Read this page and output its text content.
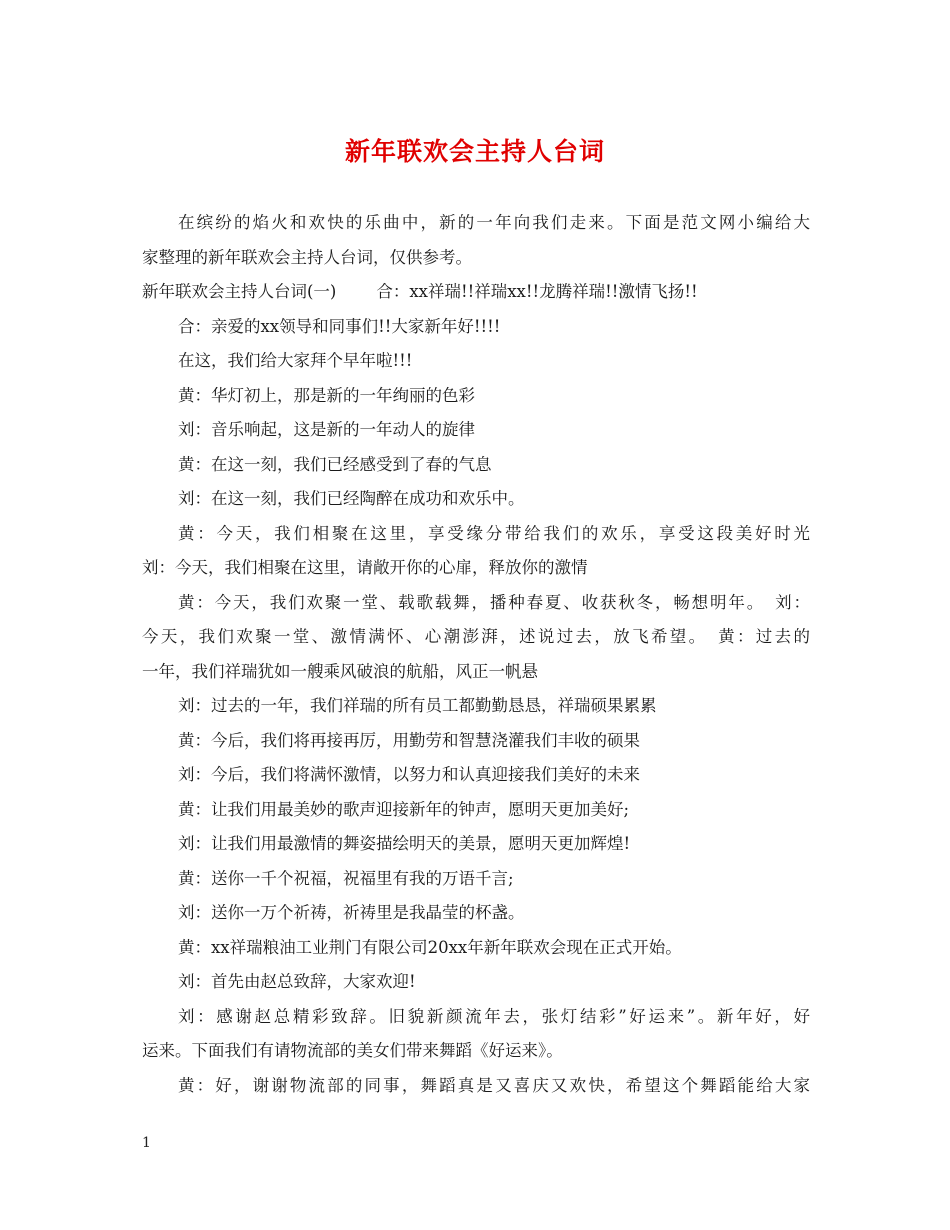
新年联欢会主持人台词
在缤纷的焰火和欢快的乐曲中，新的一年向我们走来。下面是范文网小编给大
家整理的新年联欢会主持人台词，仅供参考。
新年联欢会主持人台词(一) 合：xx祥瑞!!祥瑞xx!!龙腾祥瑞!!激情飞扬!!
合：亲爱的xx领导和同事们!!大家新年好!!!!
在这，我们给大家拜个早年啦!!!
黄：华灯初上，那是新的一年绚丽的色彩
刘：音乐响起，这是新的一年动人的旋律
黄：在这一刻，我们已经感受到了春的气息
刘：在这一刻，我们已经陶醉在成功和欢乐中。
黄：今天，我们相聚在这里，享受缘分带给我们的欢乐，享受这段美好时光
刘：今天，我们相聚在这里，请敞开你的心扉，释放你的激情
黄：今天，我们欢聚一堂、载歌载舞，播种春夏、收获秋冬，畅想明年。　刘：
今天，我们欢聚一堂、激情满怀、心潮澎湃，述说过去，放飞希望。　黄：过去的
一年，我们祥瑞犹如一艘乘风破浪的航船，风正一帆悬
刘：过去的一年，我们祥瑞的所有员工都勤勤恳恳，祥瑞硕果累累
黄：今后，我们将再接再厉，用勤劳和智慧浇灌我们丰收的硕果
刘：今后，我们将满怀激情，以努力和认真迎接我们美好的未来
黄：让我们用最美妙的歌声迎接新年的钟声，愿明天更加美好;
刘：让我们用最激情的舞姿描绘明天的美景，愿明天更加辉煌!
黄：送你一千个祝福，祝福里有我的万语千言;
刘：送你一万个祈祷，祈祷里是我晶莹的杯盏。
黄：xx祥瑞粮油工业荆门有限公司20xx年新年联欢会现在正式开始。
刘：首先由赵总致辞，大家欢迎!
刘：感谢赵总精彩致辞。旧貌新颜流年去，张灯结彩”好运来”。新年好，好
运来。下面我们有请物流部的美女们带来舞蹈《好运来》。
黄：好，谢谢物流部的同事，舞蹈真是又喜庆又欢快，希望这个舞蹈能给大家
1
